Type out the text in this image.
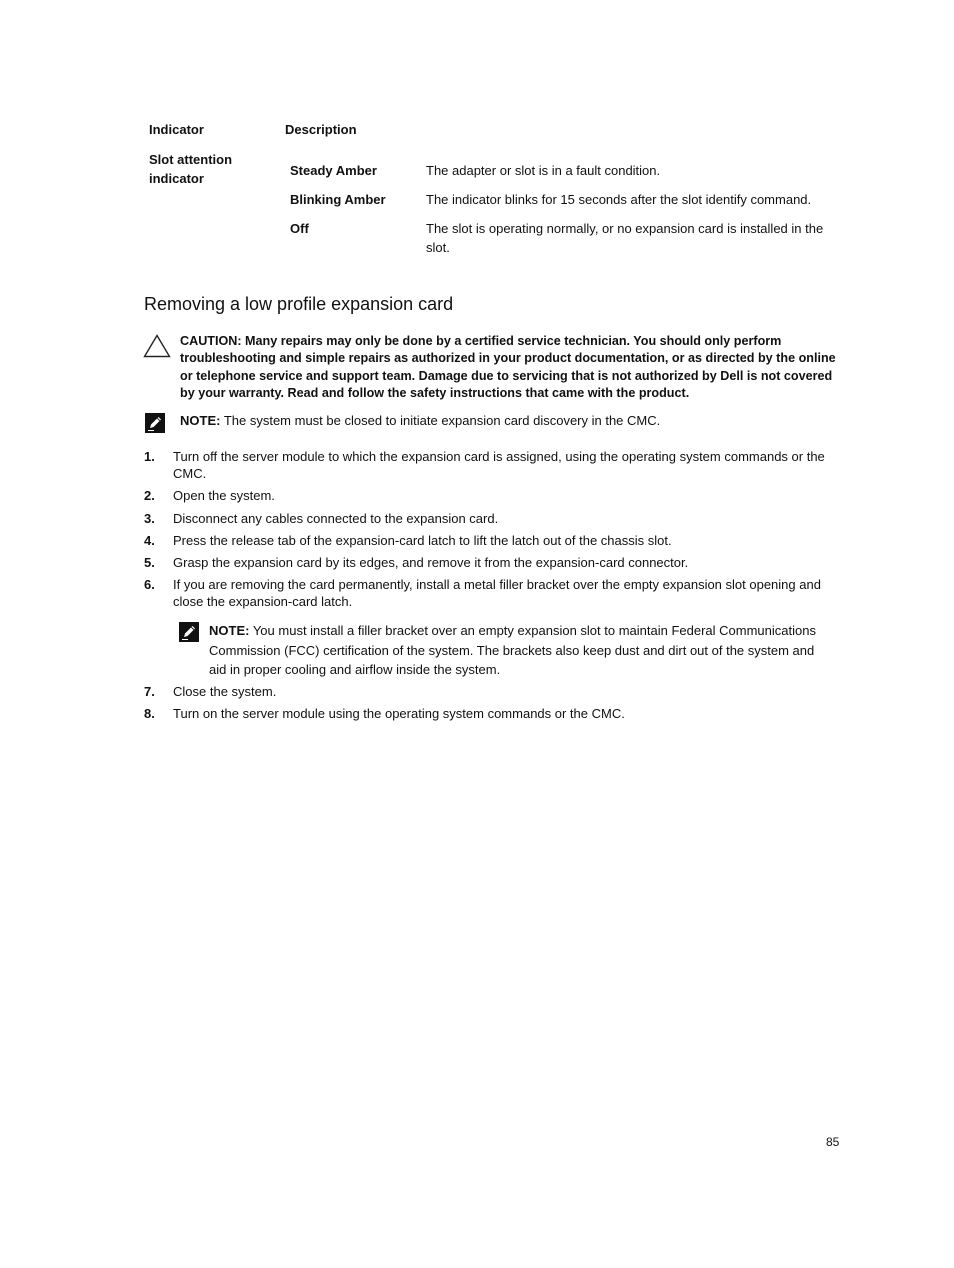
Indicator	Description
Slot attention indicator
Steady Amber	The adapter or slot is in a fault condition.
Blinking Amber	The indicator blinks for 15 seconds after the slot identify command.
Off	The slot is operating normally, or no expansion card is installed in the slot.
Removing a low profile expansion card
CAUTION: Many repairs may only be done by a certified service technician. You should only perform troubleshooting and simple repairs as authorized in your product documentation, or as directed by the online or telephone service and support team. Damage due to servicing that is not authorized by Dell is not covered by your warranty. Read and follow the safety instructions that came with the product.
NOTE: The system must be closed to initiate expansion card discovery in the CMC.
1.	Turn off the server module to which the expansion card is assigned, using the operating system commands or the CMC.
2.	Open the system.
3.	Disconnect any cables connected to the expansion card.
4.	Press the release tab of the expansion-card latch to lift the latch out of the chassis slot.
5.	Grasp the expansion card by its edges, and remove it from the expansion-card connector.
6.	If you are removing the card permanently, install a metal filler bracket over the empty expansion slot opening and close the expansion-card latch.
NOTE: You must install a filler bracket over an empty expansion slot to maintain Federal Communications Commission (FCC) certification of the system. The brackets also keep dust and dirt out of the system and aid in proper cooling and airflow inside the system.
7.	Close the system.
8.	Turn on the server module using the operating system commands or the CMC.
85
